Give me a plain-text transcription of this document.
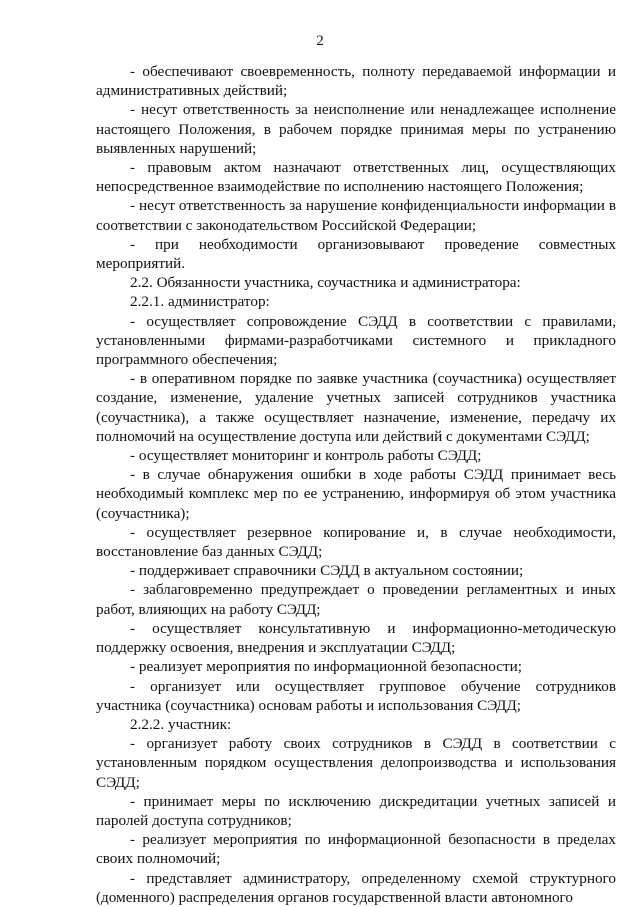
2

- обеспечивают своевременность, полноту передаваемой информации и административных действий;

- несут ответственность за неисполнение или ненадлежащее исполнение настоящего Положения, в рабочем порядке принимая меры по устранению выявленных нарушений;

- правовым актом назначают ответственных лиц, осуществляющих непосредственное взаимодействие по исполнению настоящего Положения;

- несут ответственность за нарушение конфиденциальности информации в соответствии с законодательством Российской Федерации;

- при необходимости организовывают проведение совместных мероприятий.

2.2. Обязанности участника, соучастника и администратора:

2.2.1. администратор:

- осуществляет сопровождение СЭДД в соответствии с правилами, установленными фирмами-разработчиками системного и прикладного программного обеспечения;

- в оперативном порядке по заявке участника (соучастника) осуществляет создание, изменение, удаление учетных записей сотрудников участника (соучастника), а также осуществляет назначение, изменение, передачу их полномочий на осуществление доступа или действий с документами СЭДД;

- осуществляет мониторинг и контроль работы СЭДД;

- в случае обнаружения ошибки в ходе работы СЭДД принимает весь необходимый комплекс мер по ее устранению, информируя об этом участника (соучастника);

- осуществляет резервное копирование и, в случае необходимости, восстановление баз данных СЭДД;

- поддерживает справочники СЭДД в актуальном состоянии;

- заблаговременно предупреждает о проведении регламентных и иных работ, влияющих на работу СЭДД;

- осуществляет консультативную и информационно-методическую поддержку освоения, внедрения и эксплуатации СЭДД;

- реализует мероприятия по информационной безопасности;

- организует или осуществляет групповое обучение сотрудников участника (соучастника) основам работы и использования СЭДД;

2.2.2. участник:

- организует работу своих сотрудников в СЭДД в соответствии с установленным порядком осуществления делопроизводства и использования СЭДД;

- принимает меры по исключению дискредитации учетных записей и паролей доступа сотрудников;

- реализует мероприятия по информационной безопасности в пределах своих полномочий;

- представляет администратору, определенному схемой структурного (доменного) распределения органов государственной власти автономного
